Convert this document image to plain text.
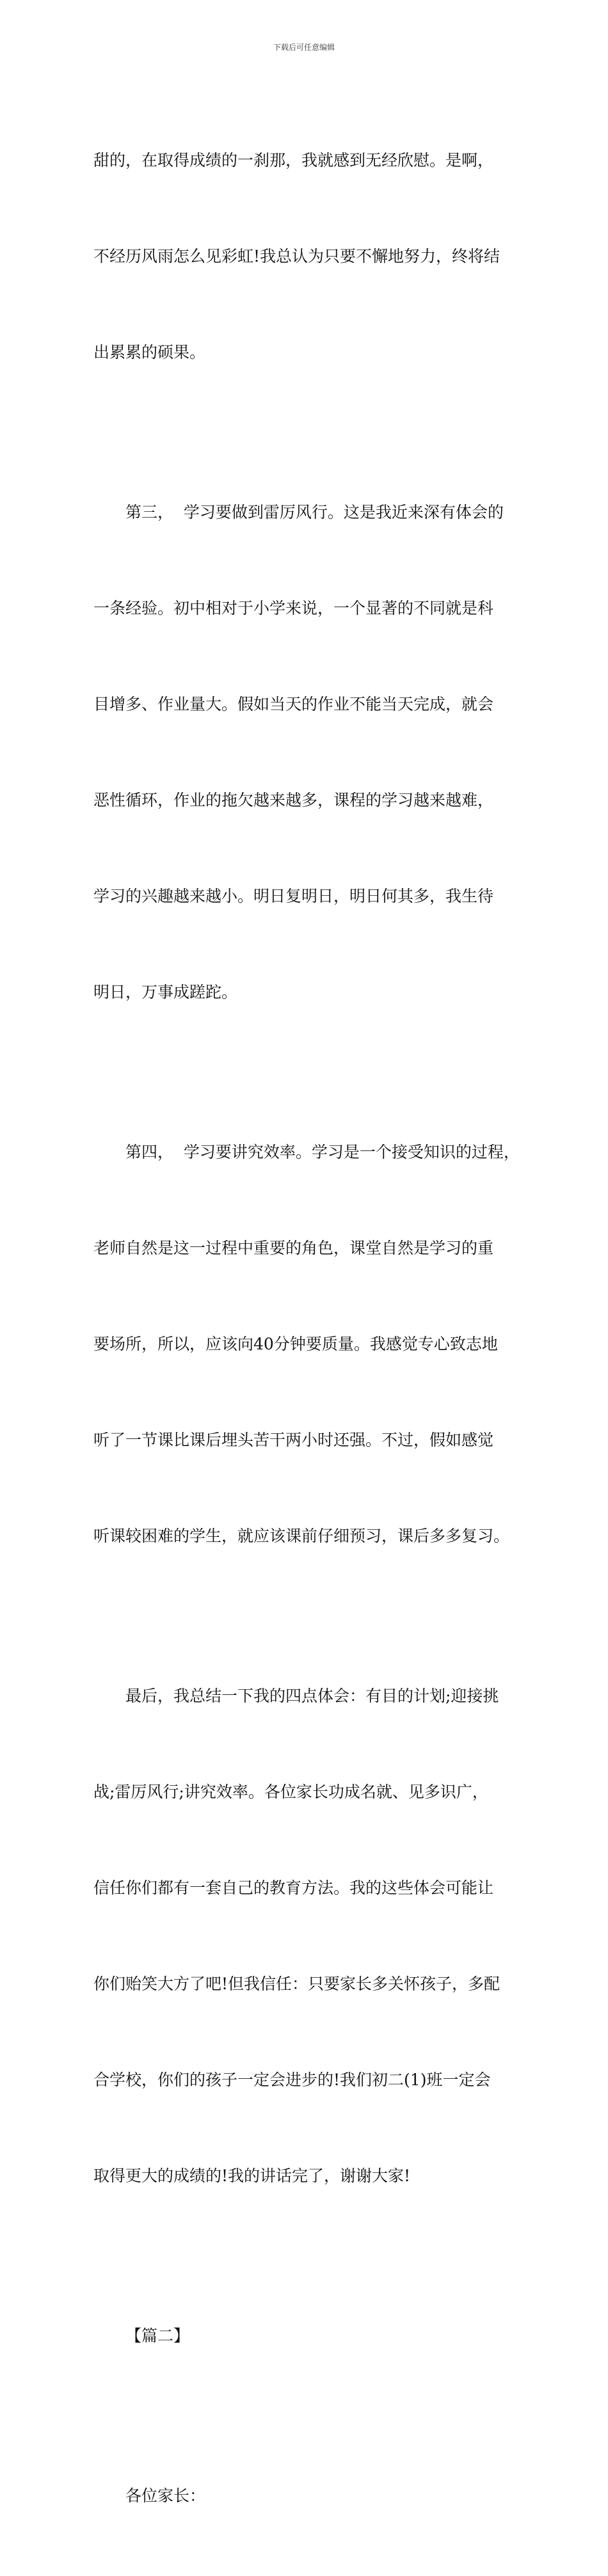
下载后可任意编辑

甜的，在取得成绩的一刹那，我就感到无经欣慰。是啊，

不经历风雨怎么见彩虹!我总认为只要不懈地努力，终将结

出累累的硕果。

第三，  学习要做到雷厉风行。这是我近来深有体会的

一条经验。初中相对于小学来说，一个显著的不同就是科

目增多、作业量大。假如当天的作业不能当天完成，就会

恶性循环，作业的拖欠越来越多，课程的学习越来越难，

学习的兴趣越来越小。明日复明日，明日何其多，我生待

明日，万事成蹉跎。

第四，  学习要讲究效率。学习是一个接受知识的过程，

老师自然是这一过程中重要的角色，课堂自然是学习的重

要场所，所以，应该向40分钟要质量。我感觉专心致志地

听了一节课比课后埋头苦干两小时还强。不过，假如感觉

听课较困难的学生，就应该课前仔细预习，课后多多复习。

最后，我总结一下我的四点体会：有目的计划;迎接挑

战;雷厉风行;讲究效率。各位家长功成名就、见多识广，

信任你们都有一套自己的教育方法。我的这些体会可能让

你们贻笑大方了吧!但我信任：只要家长多关怀孩子，多配

合学校，你们的孩子一定会进步的!我们初二(1)班一定会

取得更大的成绩的!我的讲话完了，谢谢大家!

【篇二】

各位家长：
